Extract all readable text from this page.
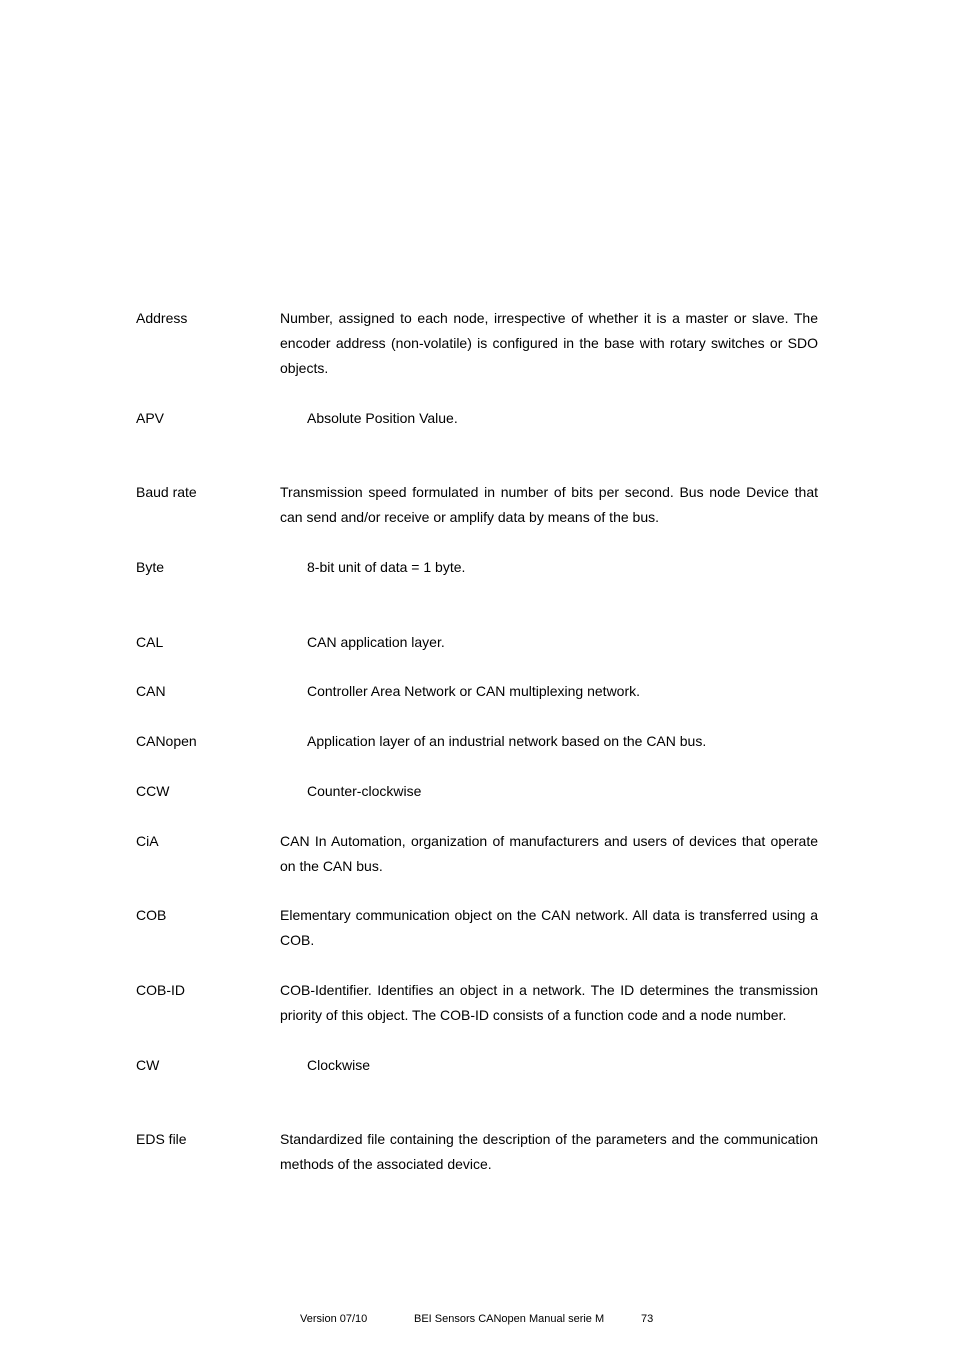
Address	Number, assigned to each node, irrespective of whether it is a master or slave. The encoder address (non-volatile) is configured in the base with rotary switches or SDO objects.
APV	Absolute Position Value.
Baud rate	Transmission speed formulated in number of bits per second. Bus node Device that can send and/or receive or amplify data by means of the bus.
Byte	8-bit unit of data = 1 byte.
CAL	CAN application layer.
CAN	Controller Area Network or CAN multiplexing network.
CANopen	Application layer of an industrial network based on the CAN bus.
CCW	Counter-clockwise
CiA	CAN In Automation, organization of manufacturers and users of devices that operate on the CAN bus.
COB	Elementary communication object on the CAN network. All data is transferred using a COB.
COB-ID	COB-Identifier. Identifies an object in a network. The ID determines the transmission priority of this object. The COB-ID consists of a function code and a node number.
CW	Clockwise
EDS file	Standardized file containing the description of the parameters and the communication methods of the associated device.
Version 07/10	BEI Sensors CANopen Manual serie M	73
